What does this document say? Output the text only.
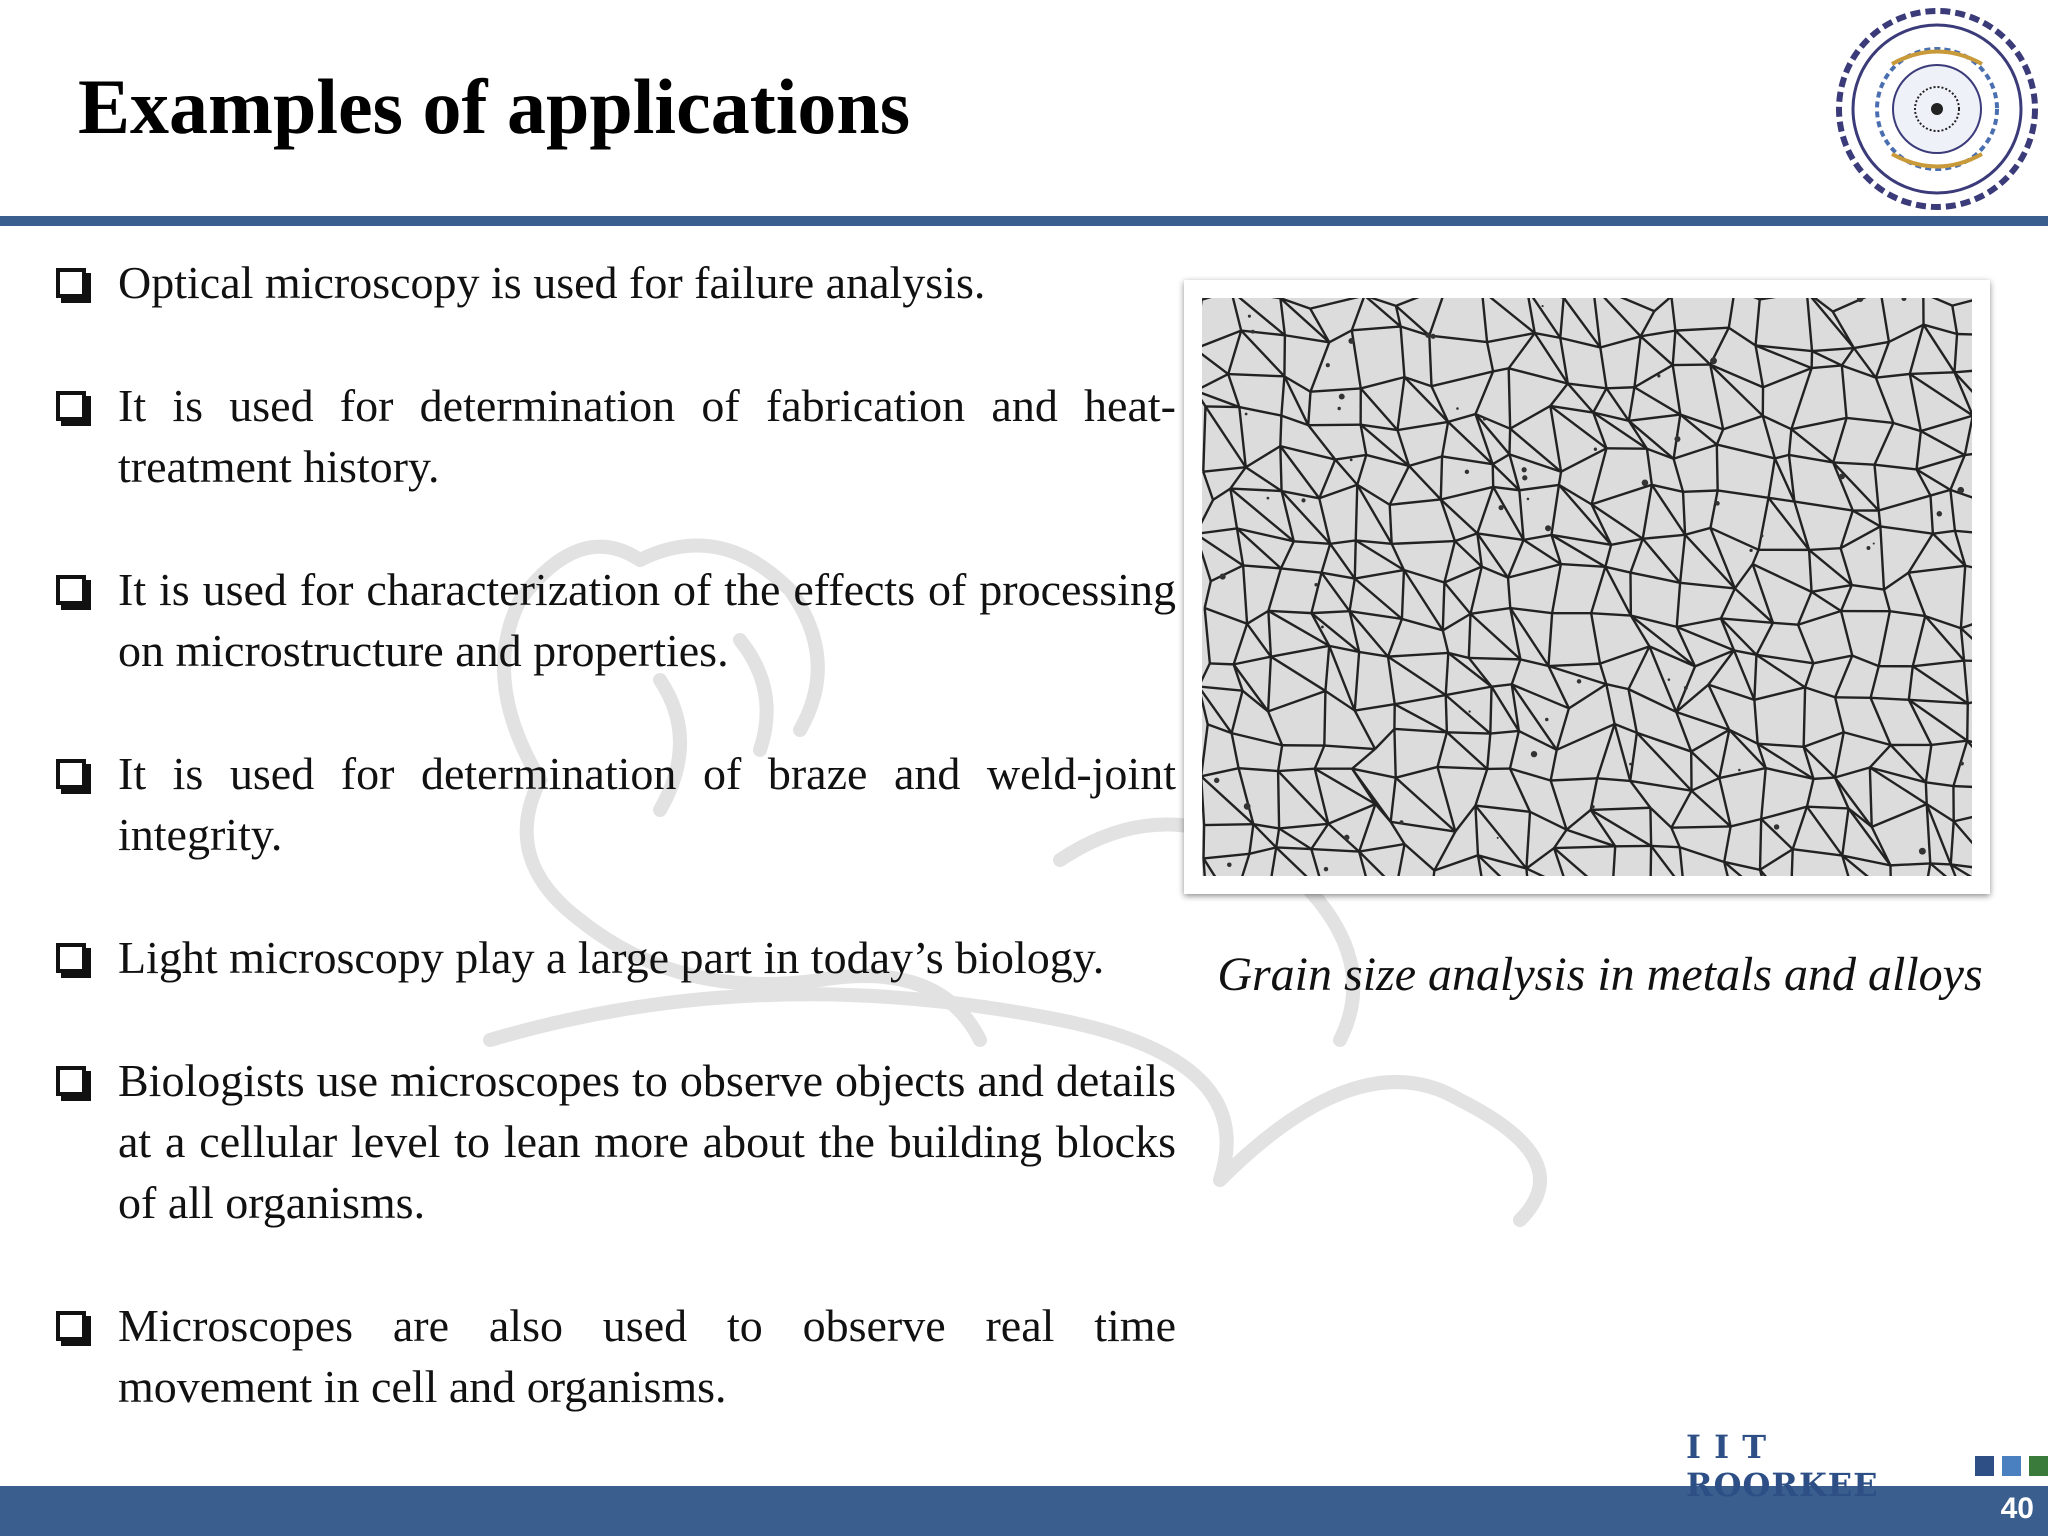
Examples of applications
Optical microscopy is used for failure analysis.
It is used for determination of fabrication and heat-treatment history.
It is used for characterization of the effects of processing on microstructure and properties.
It is used for determination of braze and weld-joint integrity.
Light microscopy play a large part in today’s biology.
Biologists use microscopes to observe objects and details at a cellular level to lean more about the building blocks of all organisms.
Microscopes are also used to observe real time movement in cell and organisms.
Grain size analysis in metals and alloys
I I T ROORKEE
40
